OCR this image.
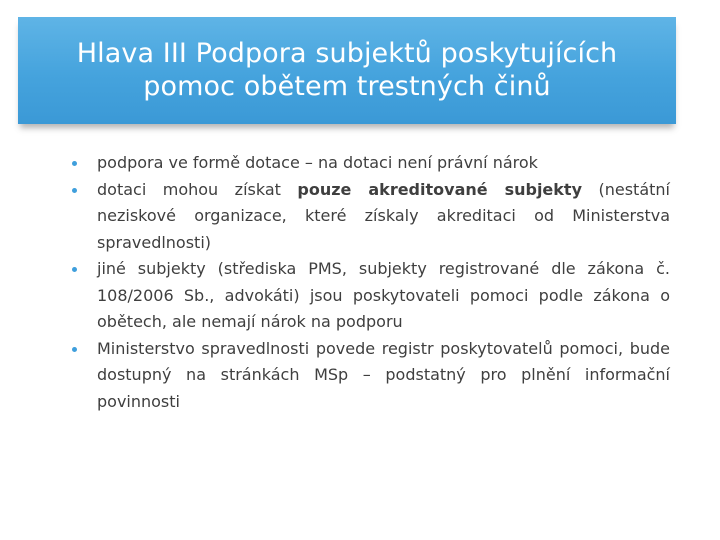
Hlava III Podpora subjektů poskytujících
pomoc obětem trestných činů
podpora ve formě dotace – na dotaci není právní nárok
dotaci mohou získat pouze akreditované subjekty (nestátní neziskové organizace, které získaly akreditaci od Ministerstva spravedlnosti)
jiné subjekty (střediska PMS, subjekty registrované dle zákona č. 108/2006 Sb., advokáti) jsou poskytovateli pomoci podle zákona o obětech, ale nemají nárok na podporu
Ministerstvo spravedlnosti povede registr poskytovatelů pomoci, bude dostupný na stránkách MSp – podstatný pro plnění informační povinnosti
